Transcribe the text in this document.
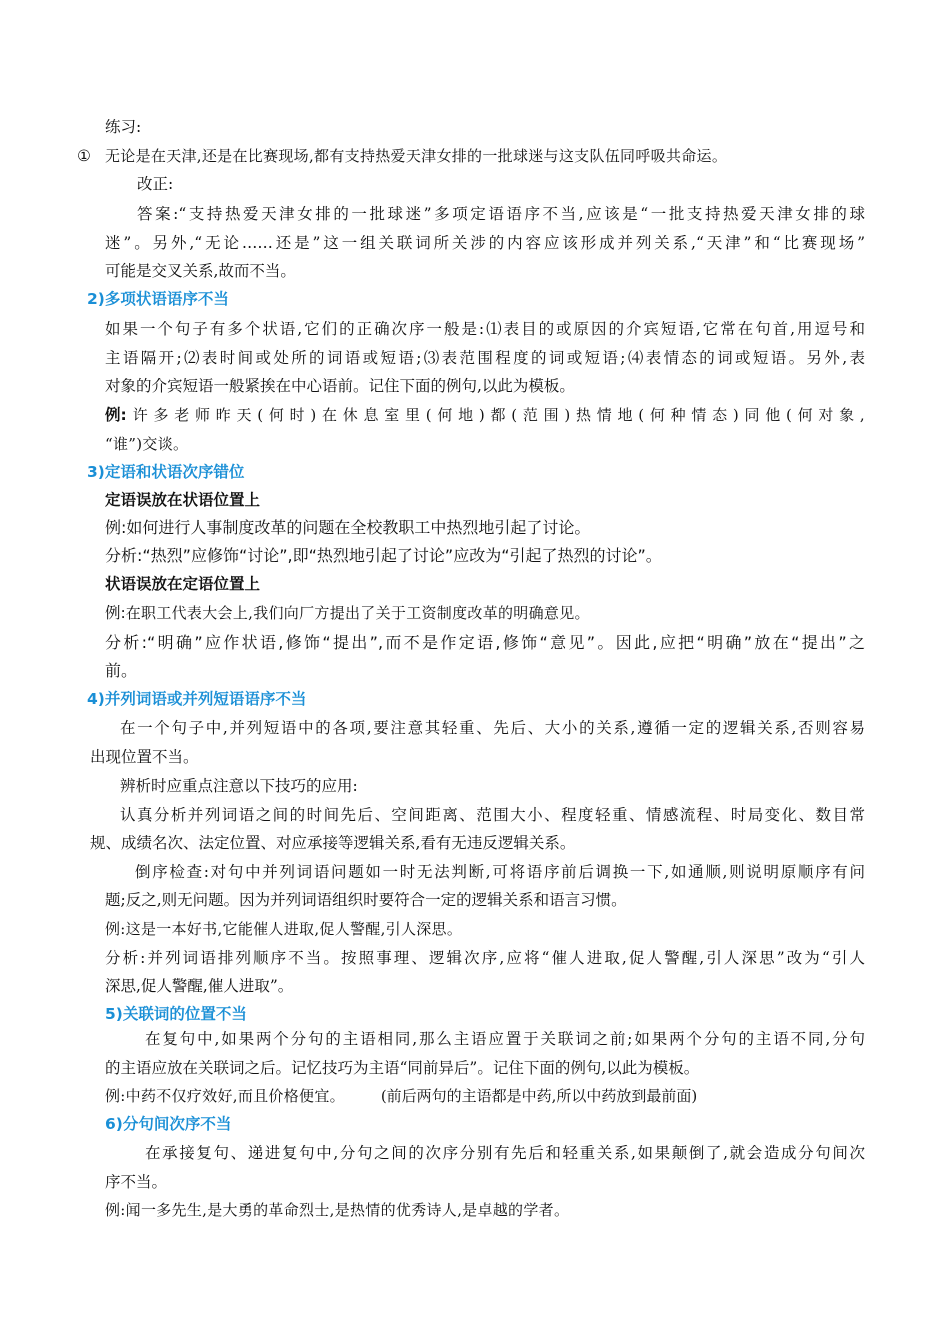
练习:
① 无论是在天津,还是在比赛现场,都有支持热爱天津女排的一批球迷与这支队伍同呼吸共命运。
改正:
答案:“支持热爱天津女排的一批球迷”多项定语语序不当,应该是“一批支持热爱天津女排的球
迷”。另外,“无论……还是”这一组关联词所关涉的内容应该形成并列关系,“天津”和“比赛现场”
可能是交叉关系,故而不当。
2)多项状语语序不当
如果一个句子有多个状语,它们的正确次序一般是:⑴表目的或原因的介宾短语,它常在句首,用逗号和
主语隔开;⑵表时间或处所的词语或短语;⑶表范围程度的词或短语;⑷表情态的词或短语。另外,表
对象的介宾短语一般紧挨在中心语前。记住下面的例句,以此为模板。
例: 许多老师昨天(何时)在休息室里(何地)都(范围)热情地(何种情态)同他(何对象,
“谁”)交谈。
3)定语和状语次序错位
定语误放在状语位置上
例:如何进行人事制度改革的问题在全校教职工中热烈地引起了讨论。
分析:“热烈”应修饰“讨论”,即“热烈地引起了讨论”应改为“引起了热烈的讨论”。
状语误放在定语位置上
例:在职工代表大会上,我们向厂方提出了关于工资制度改革的明确意见。
分析:“明确”应作状语,修饰“提出”,而不是作定语,修饰“意见”。因此,应把“明确”放在“提出”之
前。
4)并列词语或并列短语语序不当
在一个句子中,并列短语中的各项,要注意其轻重、先后、大小的关系,遵循一定的逻辑关系,否则容易
出现位置不当。
辨析时应重点注意以下技巧的应用:
认真分析并列词语之间的时间先后、空间距离、范围大小、程度轻重、情感流程、时局变化、数目常
规、成绩名次、法定位置、对应承接等逻辑关系,看有无违反逻辑关系。
倒序检查:对句中并列词语问题如一时无法判断,可将语序前后调换一下,如通顺,则说明原顺序有问
题;反之,则无问题。因为并列词语组织时要符合一定的逻辑关系和语言习惯。
例:这是一本好书,它能催人进取,促人警醒,引人深思。
分析:并列词语排列顺序不当。按照事理、逻辑次序,应将“催人进取,促人警醒,引人深思”改为“引人
深思,促人警醒,催人进取”。
5)关联词的位置不当
在复句中,如果两个分句的主语相同,那么主语应置于关联词之前;如果两个分句的主语不同,分句
的主语应放在关联词之后。记忆技巧为主语“同前异后”。记住下面的例句,以此为模板。
例:中药不仅疗效好,而且价格便宜。 (前后两句的主语都是中药,所以中药放到最前面)
6)分句间次序不当
在承接复句、递进复句中,分句之间的次序分别有先后和轻重关系,如果颠倒了,就会造成分句间次
序不当。
例:闻一多先生,是大勇的革命烈士,是热情的优秀诗人,是卓越的学者。
